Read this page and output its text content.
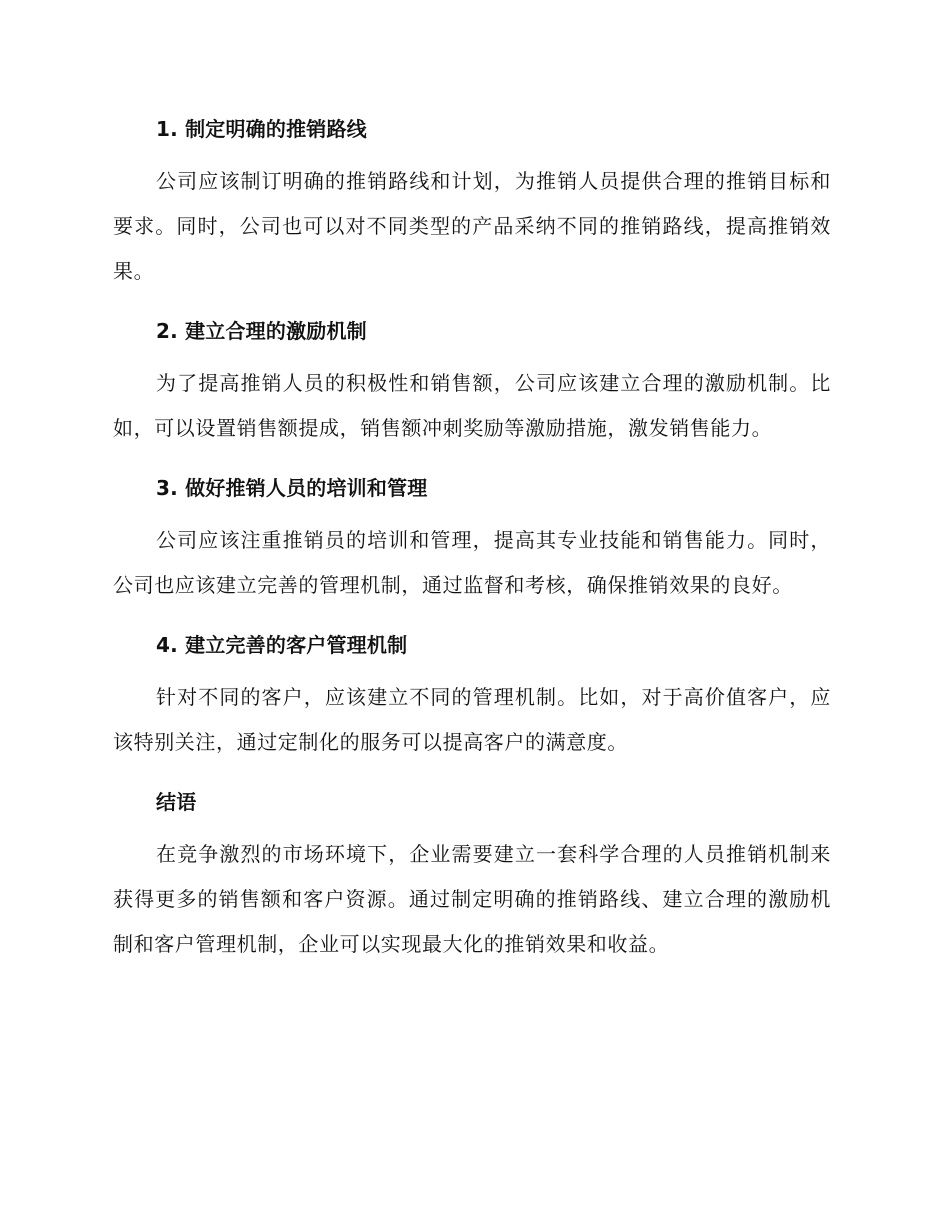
1. 制定明确的推销路线

公司应该制订明确的推销路线和计划，为推销人员提供合理的推销目标和要求。同时，公司也可以对不同类型的产品采纳不同的推销路线，提高推销效果。

2. 建立合理的激励机制

为了提高推销人员的积极性和销售额，公司应该建立合理的激励机制。比如，可以设置销售额提成，销售额冲刺奖励等激励措施，激发销售能力。

3. 做好推销人员的培训和管理

公司应该注重推销员的培训和管理，提高其专业技能和销售能力。同时，公司也应该建立完善的管理机制，通过监督和考核，确保推销效果的良好。

4. 建立完善的客户管理机制

针对不同的客户，应该建立不同的管理机制。比如，对于高价值客户，应该特别关注，通过定制化的服务可以提高客户的满意度。

结语

在竞争激烈的市场环境下，企业需要建立一套科学合理的人员推销机制来获得更多的销售额和客户资源。通过制定明确的推销路线、建立合理的激励机制和客户管理机制，企业可以实现最大化的推销效果和收益。
